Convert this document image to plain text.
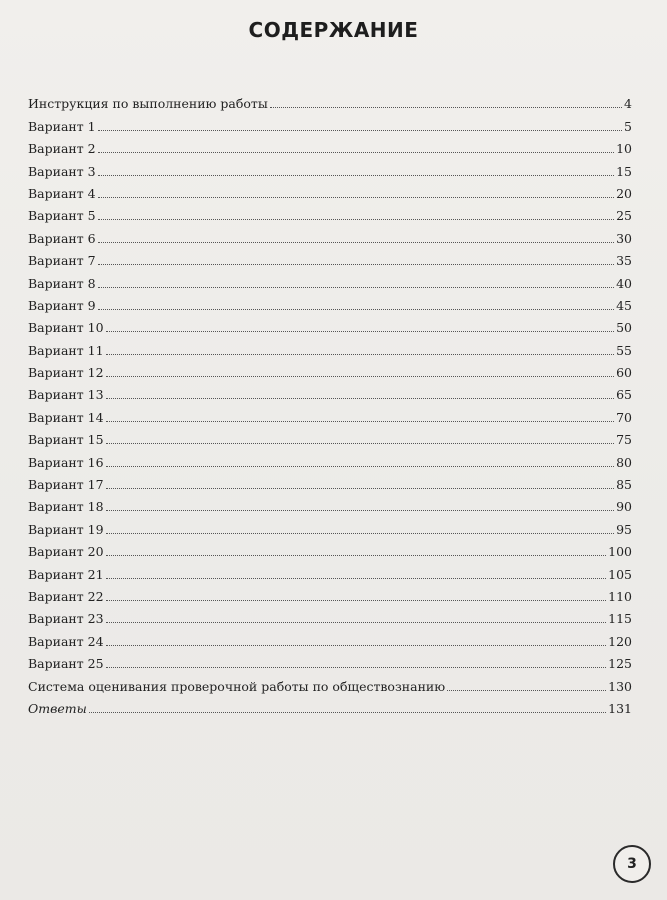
СОДЕРЖАНИЕ
Инструкция по выполнению работы	4
Вариант 1	5
Вариант 2	10
Вариант 3	15
Вариант 4	20
Вариант 5	25
Вариант 6	30
Вариант 7	35
Вариант 8	40
Вариант 9	45
Вариант 10	50
Вариант 11	55
Вариант 12	60
Вариант 13	65
Вариант 14	70
Вариант 15	75
Вариант 16	80
Вариант 17	85
Вариант 18	90
Вариант 19	95
Вариант 20	100
Вариант 21	105
Вариант 22	110
Вариант 23	115
Вариант 24	120
Вариант 25	125
Система оценивания проверочной работы по обществознанию	130
Ответы	131
3
